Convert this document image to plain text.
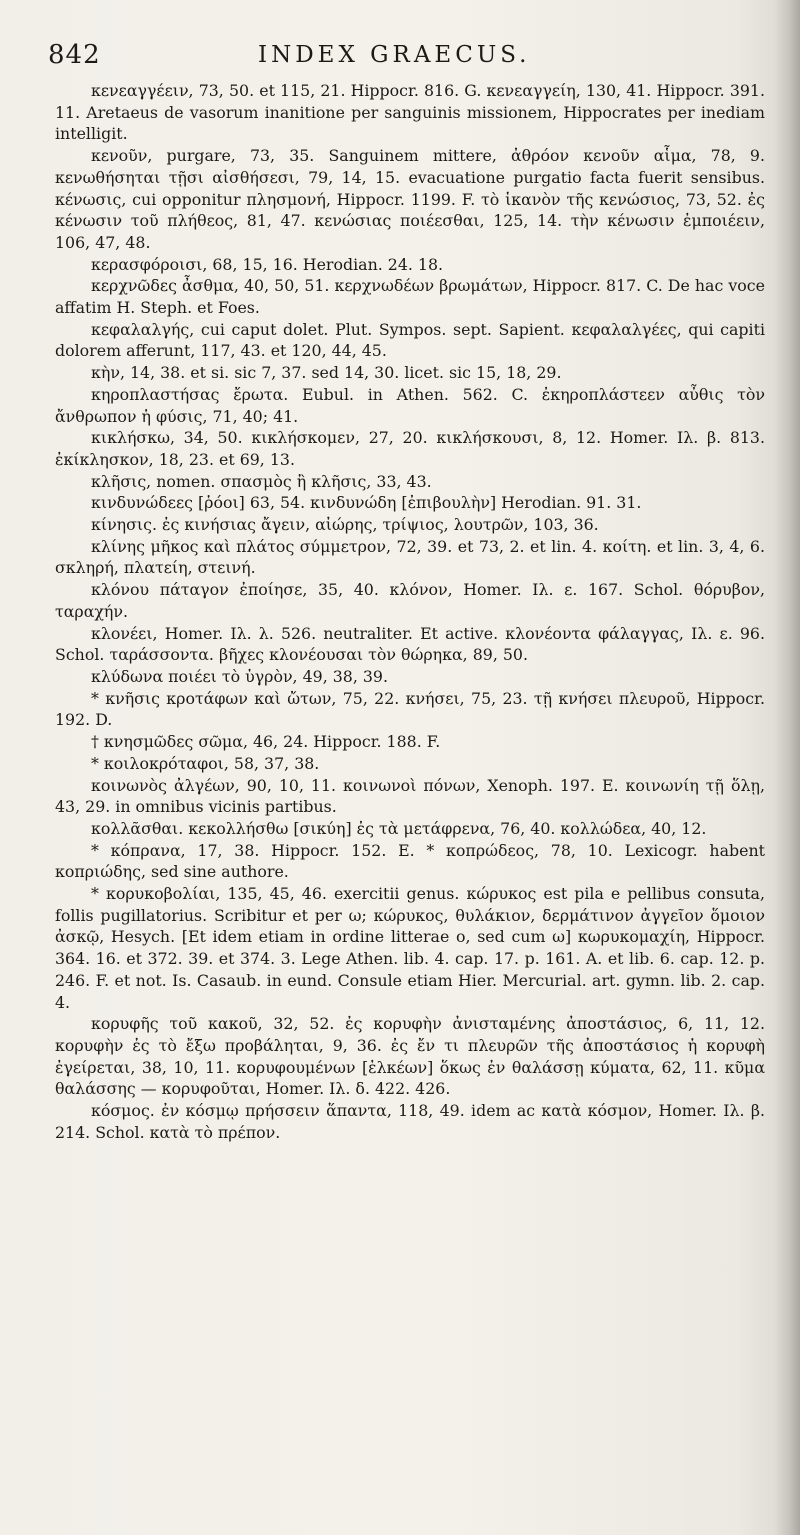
842	INDEX GRAECUS.

κενεαγγέειν, 73, 50. et 115, 21. Hippocr. 816. G. κενεαγγείη, 130, 41. Hippocr. 391. 11. Aretaeus de vasorum inanitione per sanguinis missionem, Hippocrates per inediam intelligit.

κενοῦν, purgare, 73, 35. Sanguinem mittere, ἀθρόον κενοῦν αἷμα, 78, 9. κενωθήσηται τῇσι αἰσθήσεσι, 79, 14, 15. evacuatione purgatio facta fuerit sensibus. κένωσις, cui opponitur πλησμονή, Hippocr. 1199. F. τὸ ἱκανὸν τῆς κενώσιος, 73, 52. ἐς κένωσιν τοῦ πλήθεος, 81, 47. κενώσιας ποιέεσθαι, 125, 14. τὴν κένωσιν ἐμποιέειν, 106, 47, 48.

κερασφόροισι, 68, 15, 16. Herodian. 24. 18.

κερχνῶδες ἆσθμα, 40, 50, 51. κερχνωδέων βρωμάτων, Hippocr. 817. C. De hac voce affatim H. Steph. et Foes.

κεφαλαλγής, cui caput dolet. Plut. Sympos. sept. Sapient. κεφαλαλγέες, qui capiti dolorem afferunt, 117, 43. et 120, 44, 45.

κὴν, 14, 38. et si. sic 7, 37. sed 14, 30. licet. sic 15, 18, 29.

κηροπλαστήσας ἔρωτα. Eubul. in Athen. 562. C. ἐκηροπλάστεεν αὖθις τὸν ἄνθρωπον ἡ φύσις, 71, 40; 41.

κικλήσκω, 34, 50. κικλήσκομεν, 27, 20. κικλήσκουσι, 8, 12. Homer. Ιλ. β. 813. ἐκίκλησκον, 18, 23. et 69, 13.

κλῆσις, nomen. σπασμὸς ἢ κλῆσις, 33, 43.

κινδυνώδεες [ῥόοι] 63, 54. κινδυνώδη [ἐπιβουλὴν] Herodian. 91. 31.

κίνησις. ἐς κινήσιας ἄγειν, αἰώρης, τρίψιος, λουτρῶν, 103, 36.

κλίνης μῆκος καὶ πλάτος σύμμετρον, 72, 39. et 73, 2. et lin. 4. κοίτη. et lin. 3, 4, 6. σκληρή, πλατείη, στεινή.

κλόνου πάταγον ἐποίησε, 35, 40. κλόνον, Homer. Ιλ. ε. 167. Schol. θόρυβον, ταραχήν.

κλονέει, Homer. Ιλ. λ. 526. neutraliter. Et active. κλονέοντα φάλαγγας, Ιλ. ε. 96. Schol. ταράσσοντα. βῆχες κλονέουσαι τὸν θώρηκα, 89, 50.

κλύδωνα ποιέει τὸ ὑγρὸν, 49, 38, 39.

* κνῆσις κροτάφων καὶ ὤτων, 75, 22. κνήσει, 75, 23. τῇ κνήσει πλευροῦ, Hippocr. 192. D.

† κνησμῶδες σῶμα, 46, 24. Hippocr. 188. F.

* κοιλοκρόταφοι, 58, 37, 38.

κοινωνὸς ἀλγέων, 90, 10, 11. κοινωνοὶ πόνων, Xenoph. 197. E. κοινωνίη τῇ ὅλῃ, 43, 29. in omnibus vicinis partibus.

κολλᾶσθαι. κεκολλήσθω [σικύη] ἐς τὰ μετάφρενα, 76, 40. κολλώδεα, 40, 12.

* κόπρανα, 17, 38. Hippocr. 152. E. * κοπρώδεος, 78, 10. Lexicogr. habent κοπριώδης, sed sine authore.

* κορυκοβολίαι, 135, 45, 46. exercitii genus. κώρυκος est pila e pellibus consuta, follis pugillatorius. Scribitur et per ω; κώρυκος, θυλάκιον, δερμάτινον ἀγγεῖον ὅμοιον ἀσκῷ, Hesych. [Et idem etiam in ordine litterae o, sed cum ω] κωρυκομαχίη, Hippocr. 364. 16. et 372. 39. et 374. 3. Lege Athen. lib. 4. cap. 17. p. 161. A. et lib. 6. cap. 12. p. 246. F. et not. Is. Casaub. in eund. Consule etiam Hier. Mercurial. art. gymn. lib. 2. cap. 4.

κορυφῆς τοῦ κακοῦ, 32, 52. ἐς κορυφὴν ἀνισταμένης ἀποστάσιος, 6, 11, 12. κορυφὴν ἐς τὸ ἔξω προβάληται, 9, 36. ἐς ἔν τι πλευρῶν τῆς ἀποστάσιος ἡ κορυφὴ ἐγείρεται, 38, 10, 11. κορυφουμένων [ἑλκέων] ὅκως ἐν θαλάσσῃ κύματα, 62, 11. κῦμα θαλάσσης — κορυφοῦται, Homer. Ιλ. δ. 422. 426.

κόσμος. ἐν κόσμῳ πρήσσειν ἅπαντα, 118, 49. idem ac κατὰ κόσμον, Homer. Ιλ. β. 214. Schol. κατὰ τὸ πρέπον.
